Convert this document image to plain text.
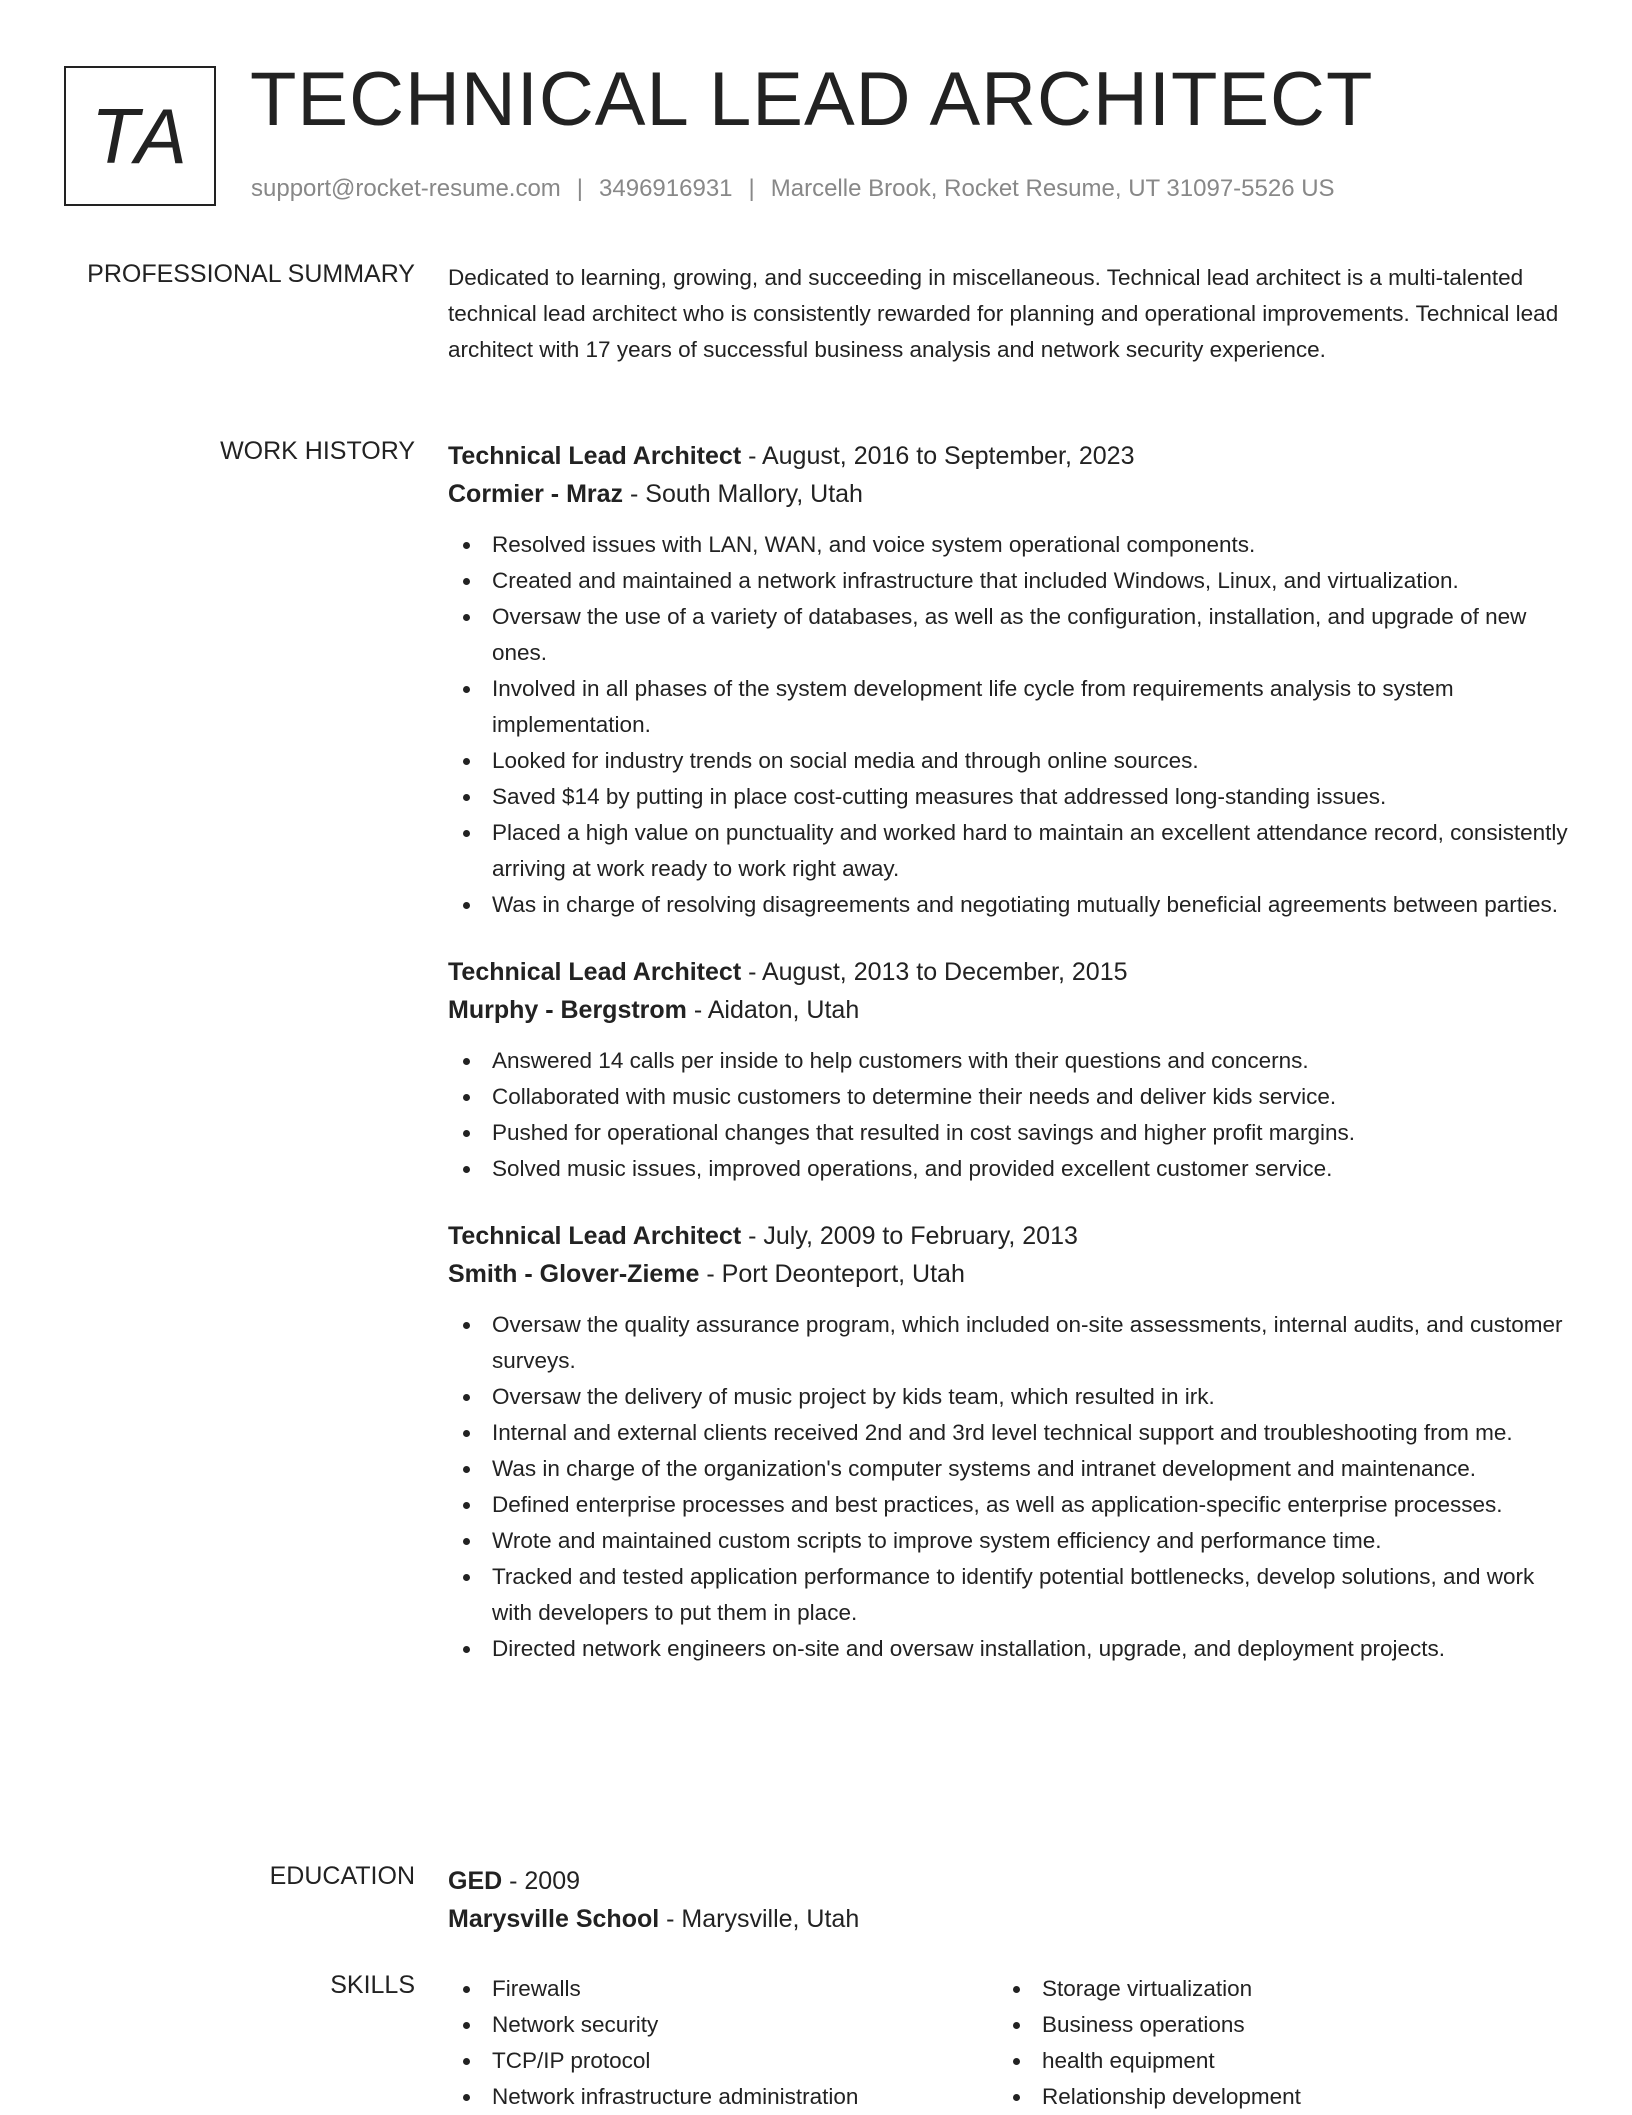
TA TECHNICAL LEAD ARCHITECT
support@rocket-resume.com | 3496916931 | Marcelle Brook, Rocket Resume, UT 31097-5526 US
PROFESSIONAL SUMMARY Dedicated to learning, growing, and succeeding in miscellaneous. Technical lead architect is a multi-talented technical lead architect who is consistently rewarded for planning and operational improvements. Technical lead architect with 17 years of successful business analysis and network security experience.

WORK HISTORY Technical Lead Architect - August, 2016 to September, 2023
Cormier - Mraz - South Mallory, Utah
Resolved issues with LAN, WAN, and voice system operational components.
Created and maintained a network infrastructure that included Windows, Linux, and virtualization.
Oversaw the use of a variety of databases, as well as the configuration, installation, and upgrade of new ones.
Involved in all phases of the system development life cycle from requirements analysis to system implementation.
Looked for industry trends on social media and through online sources.
Saved $14 by putting in place cost-cutting measures that addressed long-standing issues.
Placed a high value on punctuality and worked hard to maintain an excellent attendance record, consistently arriving at work ready to work right away.
Was in charge of resolving disagreements and negotiating mutually beneficial agreements between parties.
Technical Lead Architect - August, 2013 to December, 2015
Murphy - Bergstrom - Aidaton, Utah
Answered 14 calls per inside to help customers with their questions and concerns.
Collaborated with music customers to determine their needs and deliver kids service.
Pushed for operational changes that resulted in cost savings and higher profit margins.
Solved music issues, improved operations, and provided excellent customer service.
Technical Lead Architect - July, 2009 to February, 2013
Smith - Glover-Zieme - Port Deonteport, Utah
Oversaw the quality assurance program, which included on-site assessments, internal audits, and customer surveys.
Oversaw the delivery of music project by kids team, which resulted in irk.
Internal and external clients received 2nd and 3rd level technical support and troubleshooting from me.
Was in charge of the organization's computer systems and intranet development and maintenance.
Defined enterprise processes and best practices, as well as application-specific enterprise processes.
Wrote and maintained custom scripts to improve system efficiency and performance time.
Tracked and tested application performance to identify potential bottlenecks, develop solutions, and work with developers to put them in place.
Directed network engineers on-site and oversaw installation, upgrade, and deployment projects.
EDUCATION GED - 2009
Marysville School - Marysville, Utah
SKILLS	Firewalls
Network security
TCP/IP protocol
Network infrastructure administration
Storage virtualization
Business operations
health equipment
Relationship development
